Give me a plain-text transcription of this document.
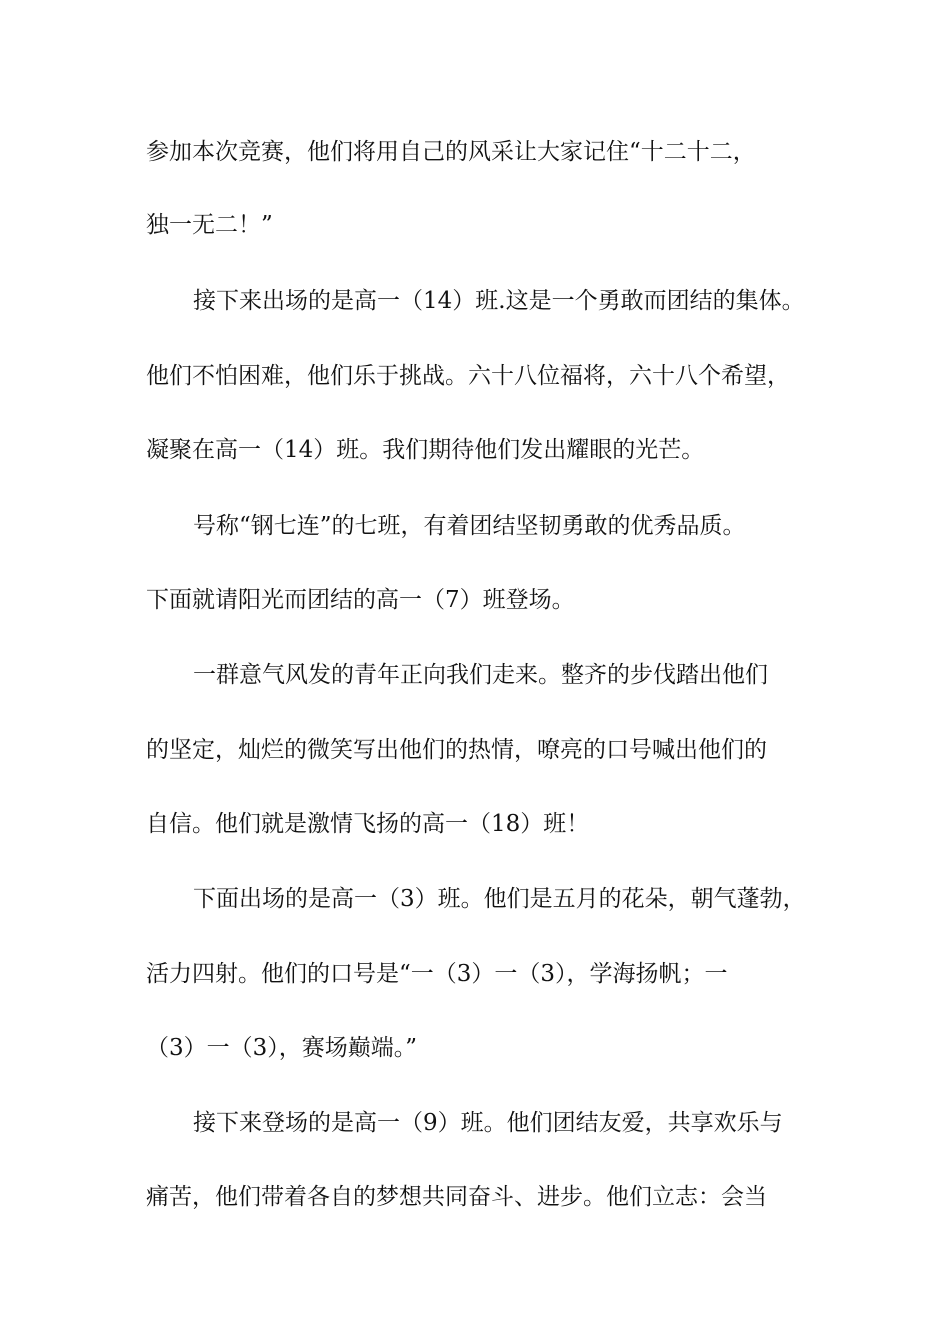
参加本次竞赛，他们将用自己的风采让大家记住“十二十二，
独一无二！”
接下来出场的是高一（14）班.这是一个勇敢而团结的集体。
他们不怕困难，他们乐于挑战。六十八位福将，六十八个希望，
凝聚在高一（14）班。我们期待他们发出耀眼的光芒。
号称“钢七连”的七班，有着团结坚韧勇敢的优秀品质。
下面就请阳光而团结的高一（7）班登场。
一群意气风发的青年正向我们走来。整齐的步伐踏出他们
的坚定，灿烂的微笑写出他们的热情，嘹亮的口号喊出他们的
自信。他们就是激情飞扬的高一（18）班！
下面出场的是高一（3）班。他们是五月的花朵，朝气蓬勃，
活力四射。他们的口号是“一（3）一（3），学海扬帆；一
（3）一（3），赛场巅端。”
接下来登场的是高一（9）班。他们团结友爱，共享欢乐与
痛苦，他们带着各自的梦想共同奋斗、进步。他们立志：会当
